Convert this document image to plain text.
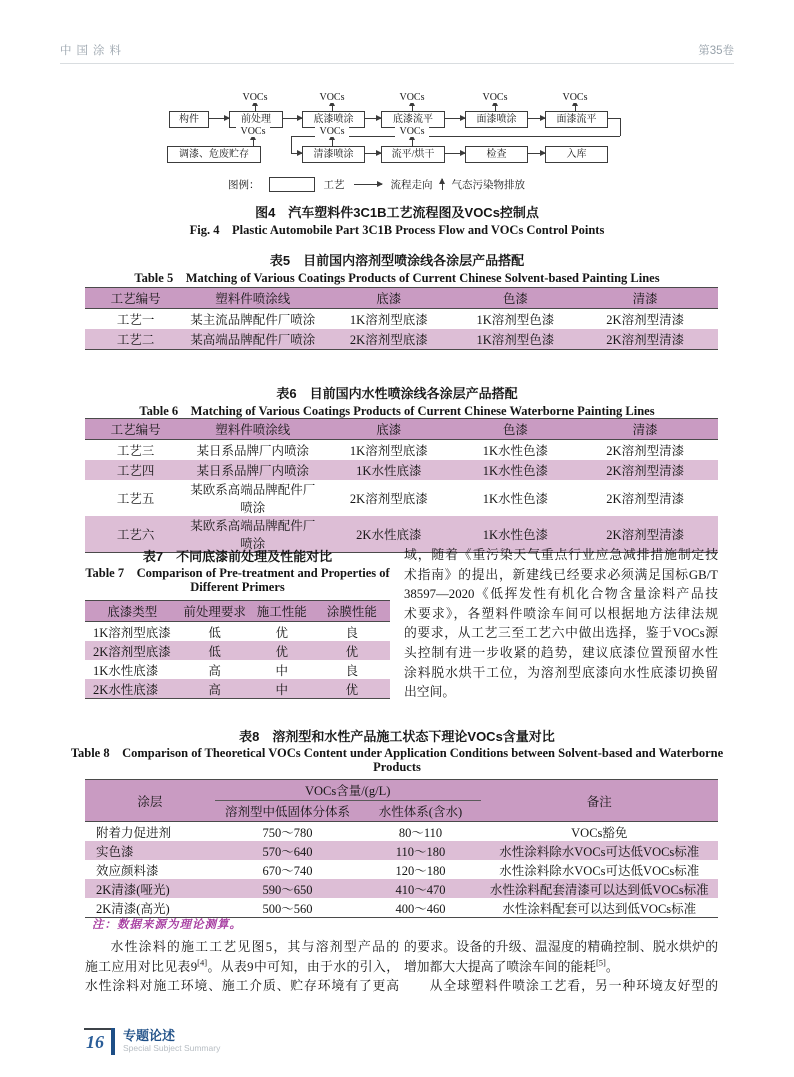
中国涂料	第35卷
VOCs	VOCs	VOCs	VOCs	VOCs
构件	前处理	底漆喷涂	底漆流平	面漆喷涂	面漆流平
VOCs	VOCs	VOCs
调漆、危废贮存	清漆喷涂	流平/烘干	检查	入库
图例：	工艺	流程走向 气态污染物排放
图4　汽车塑料件3C1B工艺流程图及VOCs控制点
Fig. 4　Plastic Automobile Part 3C1B Process Flow and VOCs Control Points
表5　目前国内溶剂型喷涂线各涂层产品搭配
Table 5　Matching of Various Coatings Products of Current Chinese Solvent-based Painting Lines
工艺编号	塑料件喷涂线	底漆	色漆	清漆
工艺一	某主流品牌配件厂喷涂	1K溶剂型底漆	1K溶剂型色漆	2K溶剂型清漆
工艺二	某高端品牌配件厂喷涂	2K溶剂型底漆	1K溶剂型色漆	2K溶剂型清漆
表6　目前国内水性喷涂线各涂层产品搭配
Table 6　Matching of Various Coatings Products of Current Chinese Waterborne Painting Lines
工艺编号	塑料件喷涂线	底漆	色漆	清漆
工艺三	某日系品牌厂内喷涂	1K溶剂型底漆	1K水性色漆	2K溶剂型清漆
工艺四	某日系品牌厂内喷涂	1K水性底漆	1K水性色漆	2K溶剂型清漆
工艺五	某欧系高端品牌配件厂喷涂	2K溶剂型底漆	1K水性色漆	2K溶剂型清漆
工艺六	某欧系高端品牌配件厂喷涂	2K水性底漆	1K水性色漆	2K溶剂型清漆
表7　不同底漆前处理及性能对比
Table 7　Comparison of Pre-treatment and Properties of
Different Primers
底漆类型	前处理要求	施工性能	涂膜性能
1K溶剂型底漆	低	优	良
2K溶剂型底漆	低	优	优
1K水性底漆	高	中	良
2K水性底漆	高	中	优
域，随着《重污染天气重点行业应急减排措施制定技
术指南》的提出，新建线已经要求必须满足国标GB/T
38597—2020《低挥发性有机化合物含量涂料产品技
术要求》，各塑料件喷涂车间可以根据地方法律法规
的要求，从工艺三至工艺六中做出选择，鉴于VOCs源
头控制有进一步收紧的趋势，建议底漆位置预留水性
涂料脱水烘干工位，为溶剂型底漆向水性底漆切换留
出空间。
表8　溶剂型和水性产品施工状态下理论VOCs含量对比
Table 8　Comparison of Theoretical VOCs Content under Application Conditions between Solvent-based and Waterborne
Products
涂层	VOCs含量/(g/L)		备注
	溶剂型中低固体分体系	水性体系(含水)	
附着力促进剂	750～780	80～110	VOCs豁免
实色漆	570～640	110～180	水性涂料除水VOCs可达低VOCs标准
效应颜料漆	670～740	120～180	水性涂料除水VOCs可达低VOCs标准
2K清漆(哑光)	590～650	410～470	水性涂料配套清漆可以达到低VOCs标准
2K清漆(高光)	500～560	400～460	水性涂料配套可以达到低VOCs标准
注：数据来源为理论测算。
水性涂料的施工工艺见图5，其与溶剂型产品的
施工应用对比见表9[4]。从表9中可知，由于水的引入，
水性涂料对施工环境、施工介质、贮存环境有了更高
的要求。设备的升级、温湿度的精确控制、脱水烘炉的
增加都大大提高了喷涂车间的能耗[5]。
从全球塑料件喷涂工艺看，另一种环境友好型的
16	专题论述
Special Subject Summary
